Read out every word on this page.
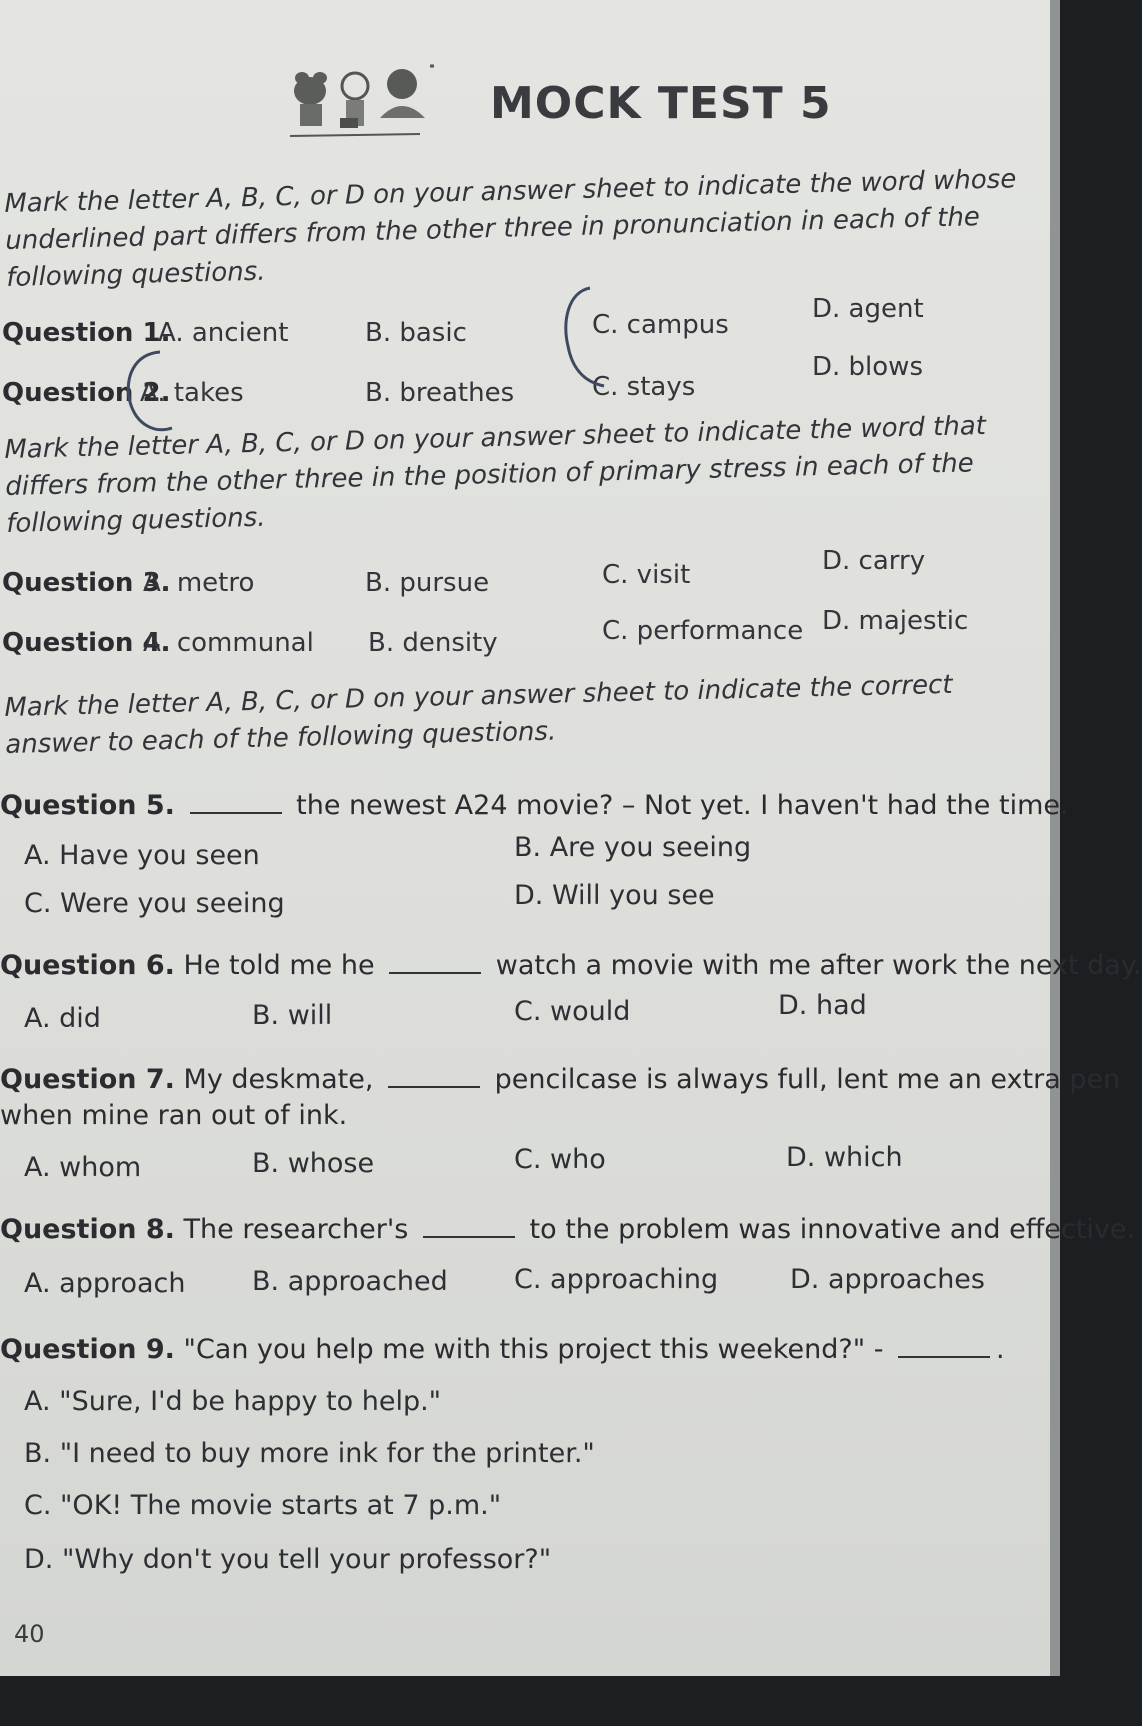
MOCK TEST 5
Mark the letter A, B, C, or D on your answer sheet to indicate the word whose underlined part differs from the other three in pronunciation in each of the following questions.
Question 1.
A. ancient	B. basic	C. campus
D. agent
Question 2.
A. takes	B. breathes	C. stays
D. blows
Mark the letter A, B, C, or D on your answer sheet to indicate the word that differs from the other three in the position of primary stress in each of the following questions.
Question 3.
A. metro	B. pursue	C. visit	D. carry
Question 4.
A. communal B. density	C. performance D. majestic
Mark the letter A, B, C, or D on your answer sheet to indicate the correct answer to each of the following questions.
Question 5.	the newest A24 movie? – Not yet. I haven't had the time.
A. Have you seen	B. Are you seeing
C. Were you seeing	D. Will you see
Question 6. He told me he	watch a movie with me after work the next day.
A. did	B. will	C. would	D. had
Question 7. My deskmate,	pencilcase is always full, lent me an extra pen
when mine ran out of ink.
A. whom	B. whose	C. who	D. which
Question 8. The researcher's	to the problem was innovative and effective.
A. approach B. approached C. approaching	D. approaches
Question 9. "Can you help me with this project this weekend?" -	.
A. "Sure, I'd be happy to help."
B. "I need to buy more ink for the printer."
C. "OK! The movie starts at 7 p.m."
D. "Why don't you tell your professor?"
40
